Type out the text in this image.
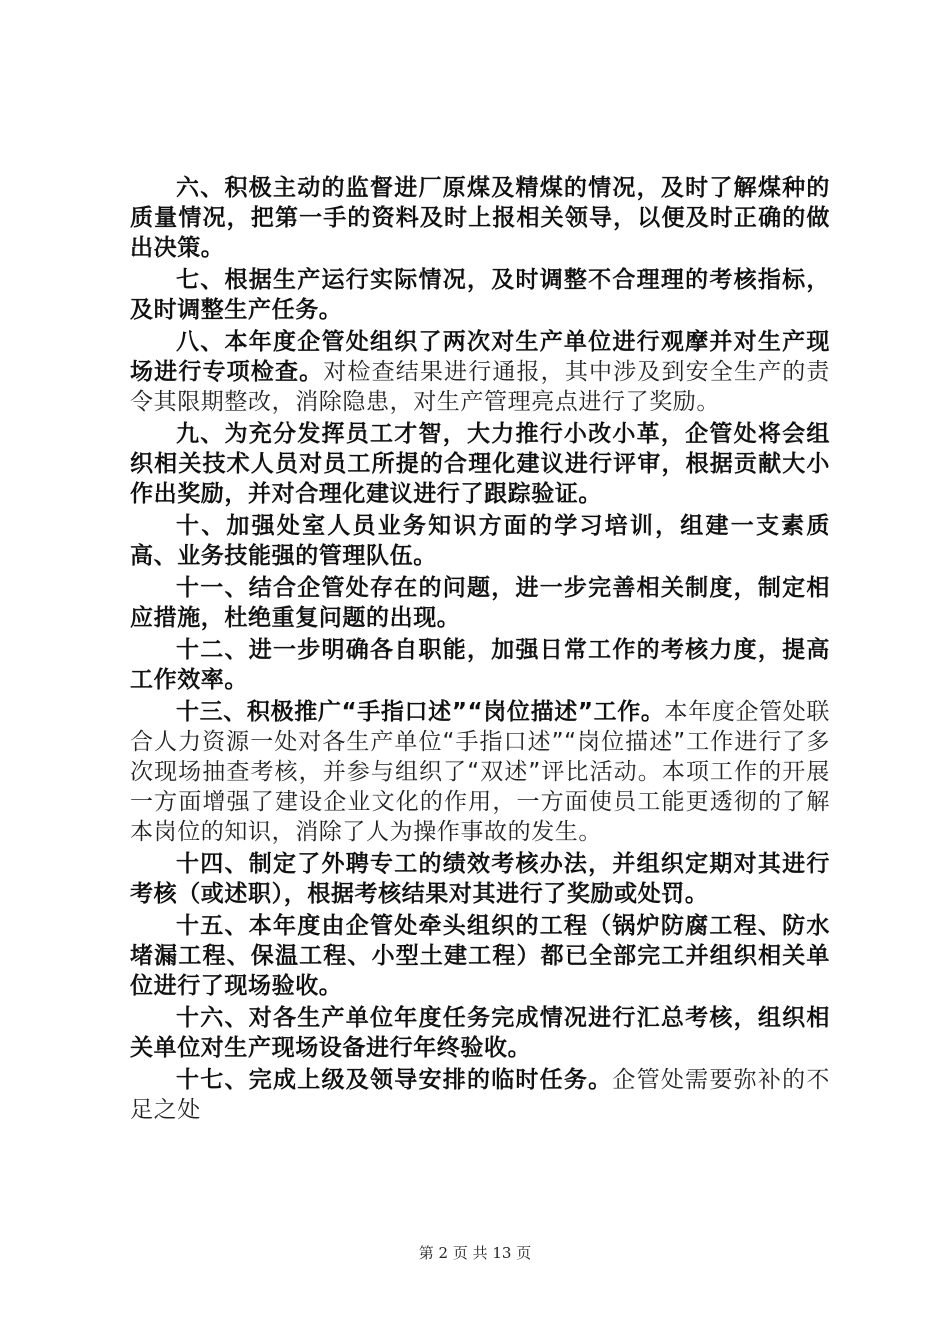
六、积极主动的监督进厂原煤及精煤的情况，及时了解煤种的质量情况，把第一手的资料及时上报相关领导，以便及时正确的做出决策。

七、根据生产运行实际情况，及时调整不合理理的考核指标，及时调整生产任务。

八、本年度企管处组织了两次对生产单位进行观摩并对生产现场进行专项检查。对检查结果进行通报，其中涉及到安全生产的责令其限期整改，消除隐患，对生产管理亮点进行了奖励。

九、为充分发挥员工才智，大力推行小改小革，企管处将会组织相关技术人员对员工所提的合理化建议进行评审，根据贡献大小作出奖励，并对合理化建议进行了跟踪验证。

十、加强处室人员业务知识方面的学习培训，组建一支素质高、业务技能强的管理队伍。

十一、结合企管处存在的问题，进一步完善相关制度，制定相应措施，杜绝重复问题的出现。

十二、进一步明确各自职能，加强日常工作的考核力度，提高工作效率。

十三、积极推广“手指口述”“岗位描述”工作。本年度企管处联合人力资源一处对各生产单位“手指口述”“岗位描述”工作进行了多次现场抽查考核，并参与组织了“双述”评比活动。本项工作的开展一方面增强了建设企业文化的作用，一方面使员工能更透彻的了解本岗位的知识，消除了人为操作事故的发生。

十四、制定了外聘专工的绩效考核办法，并组织定期对其进行考核（或述职），根据考核结果对其进行了奖励或处罚。

十五、本年度由企管处牵头组织的工程（锅炉防腐工程、防水堵漏工程、保温工程、小型土建工程）都已全部完工并组织相关单位进行了现场验收。

十六、对各生产单位年度任务完成情况进行汇总考核，组织相关单位对生产现场设备进行年终验收。

十七、完成上级及领导安排的临时任务。企管处需要弥补的不足之处

第 2 页 共 13 页
